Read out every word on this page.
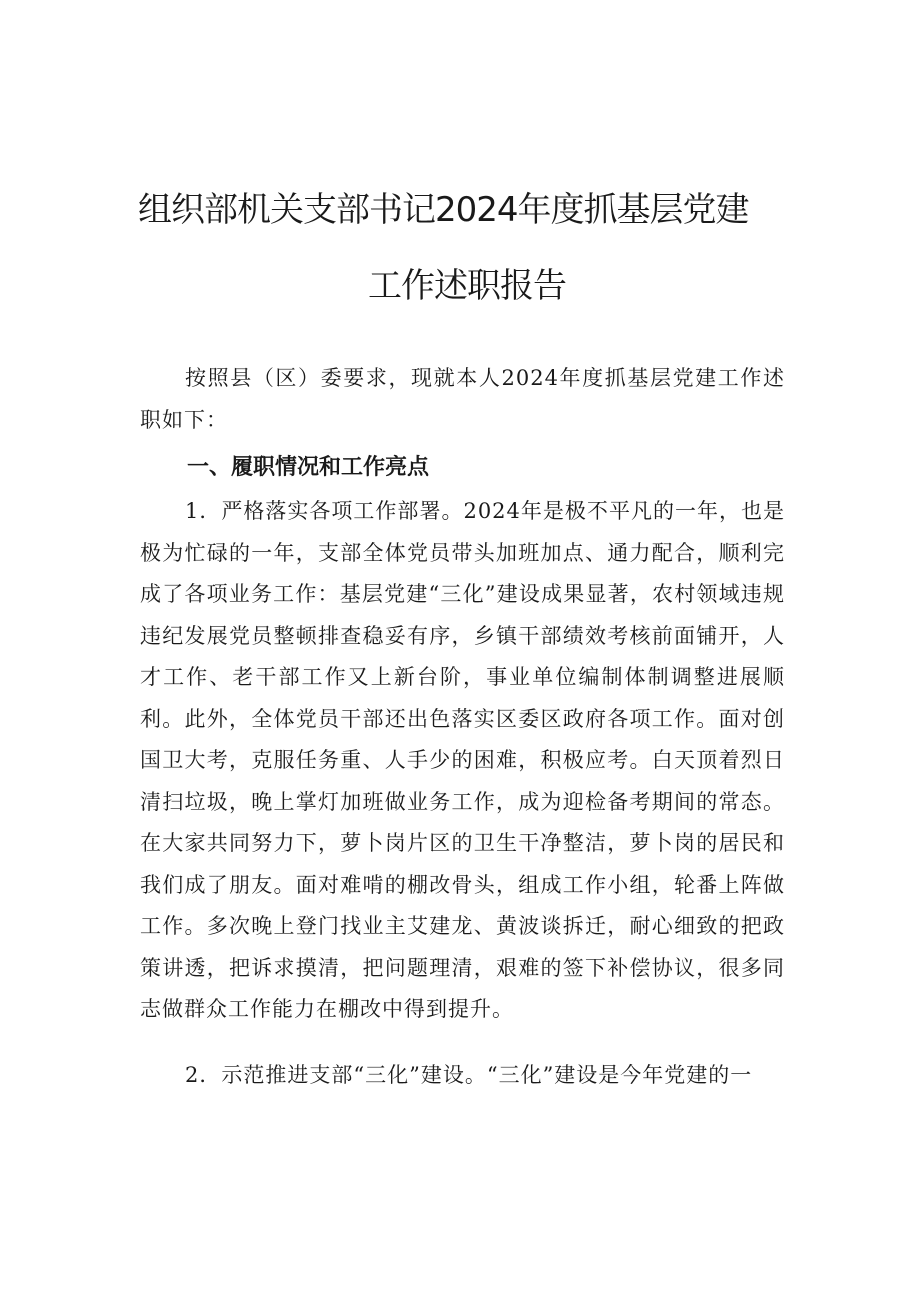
组织部机关支部书记2024年度抓基层党建
工作述职报告

按照县（区）委要求，现就本人2024年度抓基层党建工作述职如下：

一、履职情况和工作亮点

1．严格落实各项工作部署。2024年是极不平凡的一年，也是极为忙碌的一年，支部全体党员带头加班加点、通力配合，顺利完成了各项业务工作：基层党建“三化”建设成果显著，农村领域违规违纪发展党员整顿排查稳妥有序，乡镇干部绩效考核前面铺开，人才工作、老干部工作又上新台阶，事业单位编制体制调整进展顺利。此外，全体党员干部还出色落实区委区政府各项工作。面对创国卫大考，克服任务重、人手少的困难，积极应考。白天顶着烈日清扫垃圾，晚上掌灯加班做业务工作，成为迎检备考期间的常态。在大家共同努力下，萝卜岗片区的卫生干净整洁，萝卜岗的居民和我们成了朋友。面对难啃的棚改骨头，组成工作小组，轮番上阵做工作。多次晚上登门找业主艾建龙、黄波谈拆迁，耐心细致的把政策讲透，把诉求摸清，把问题理清，艰难的签下补偿协议，很多同志做群众工作能力在棚改中得到提升。

2．示范推进支部“三化”建设。“三化”建设是今年党建的一
